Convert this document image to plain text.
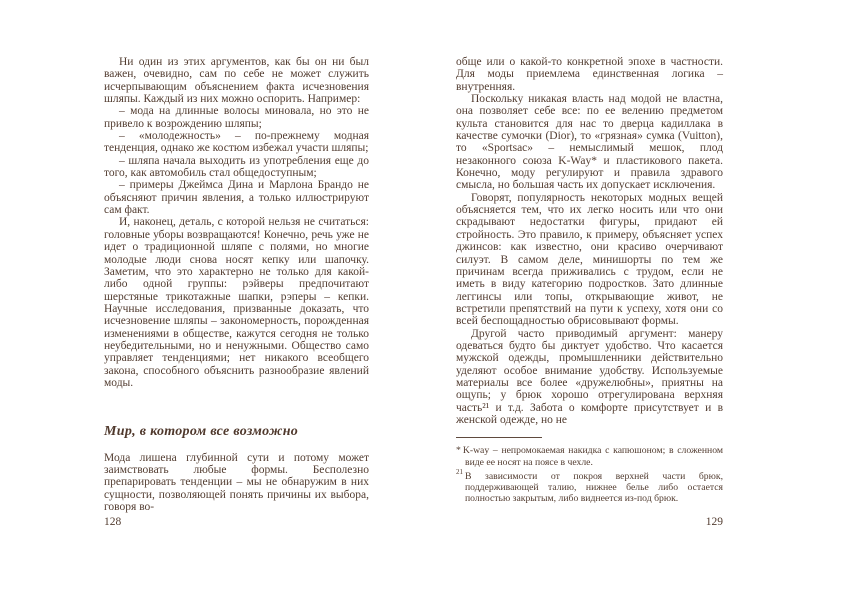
Ни один из этих аргументов, как бы он ни был важен, очевидно, сам по себе не может служить исчерпывающим объяснением факта исчезновения шляпы. Каждый из них можно оспорить. Например:

– мода на длинные волосы миновала, но это не привело к возрождению шляпы;

– «молодежность» – по-прежнему модная тенденция, однако же костюм избежал участи шляпы;

– шляпа начала выходить из употребления еще до того, как автомобиль стал общедоступным;

– примеры Джеймса Дина и Марлона Брандо не объясняют причин явления, а только иллюстрируют сам факт.

И, наконец, деталь, с которой нельзя не считаться: головные уборы возвращаются! Конечно, речь уже не идет о традиционной шляпе с полями, но многие молодые люди снова носят кепку или шапочку. Заметим, что это характерно не только для какой-либо одной группы: рэйверы предпочитают шерстяные трикотажные шапки, рэперы – кепки. Научные исследования, призванные доказать, что исчезновение шляпы – закономерность, порожденная изменениями в обществе, кажутся сегодня не только неубедительными, но и ненужными. Общество само управляет тенденциями; нет никакого всеобщего закона, способного объяснить разнообразие явлений моды.

Мир, в котором все возможно

Мода лишена глубинной сути и потому может заимствовать любые формы. Бесполезно препарировать тенденции – мы не обнаружим в них сущности, позволяющей понять причины их выбора, говоря во-

обще или о какой-то конкретной эпохе в частности. Для моды приемлема единственная логика – внутренняя.

Поскольку никакая власть над модой не властна, она позволяет себе все: по ее велению предметом культа становится для нас то дверца кадиллака в качестве сумочки (Dior), то «грязная» сумка (Vuitton), то «Sportsac» – немыслимый мешок, плод незаконного союза K-Way* и пластикового пакета. Конечно, моду регулируют и правила здравого смысла, но большая часть их допускает исключения.

Говорят, популярность некоторых модных вещей объясняется тем, что их легко носить или что они скрадывают недостатки фигуры, придают ей стройность. Это правило, к примеру, объясняет успех джинсов: как известно, они красиво очерчивают силуэт. В самом деле, минишорты по тем же причинам всегда приживались с трудом, если не иметь в виду категорию подростков. Зато длинные леггинсы или топы, открывающие живот, не встретили препятствий на пути к успеху, хотя они со всей беспощадностью обрисовывают формы.

Другой часто приводимый аргумент: манеру одеваться будто бы диктует удобство. Что касается мужской одежды, промышленники действительно уделяют особое внимание удобству. Используемые материалы все более «дружелюбны», приятны на ощупь; у брюк хорошо отрегулирована верхняя часть²¹ и т.д. Забота о комфорте присутствует и в женской одежде, но не

* K-way – непромокаемая накидка с капюшоном; в сложенном виде ее носят на поясе в чехле.
$^{21}$ В зависимости от покроя верхней части брюк, поддерживающей талию, нижнее белье либо остается полностью закрытым, либо виднеется из-под брюк.
128	129
